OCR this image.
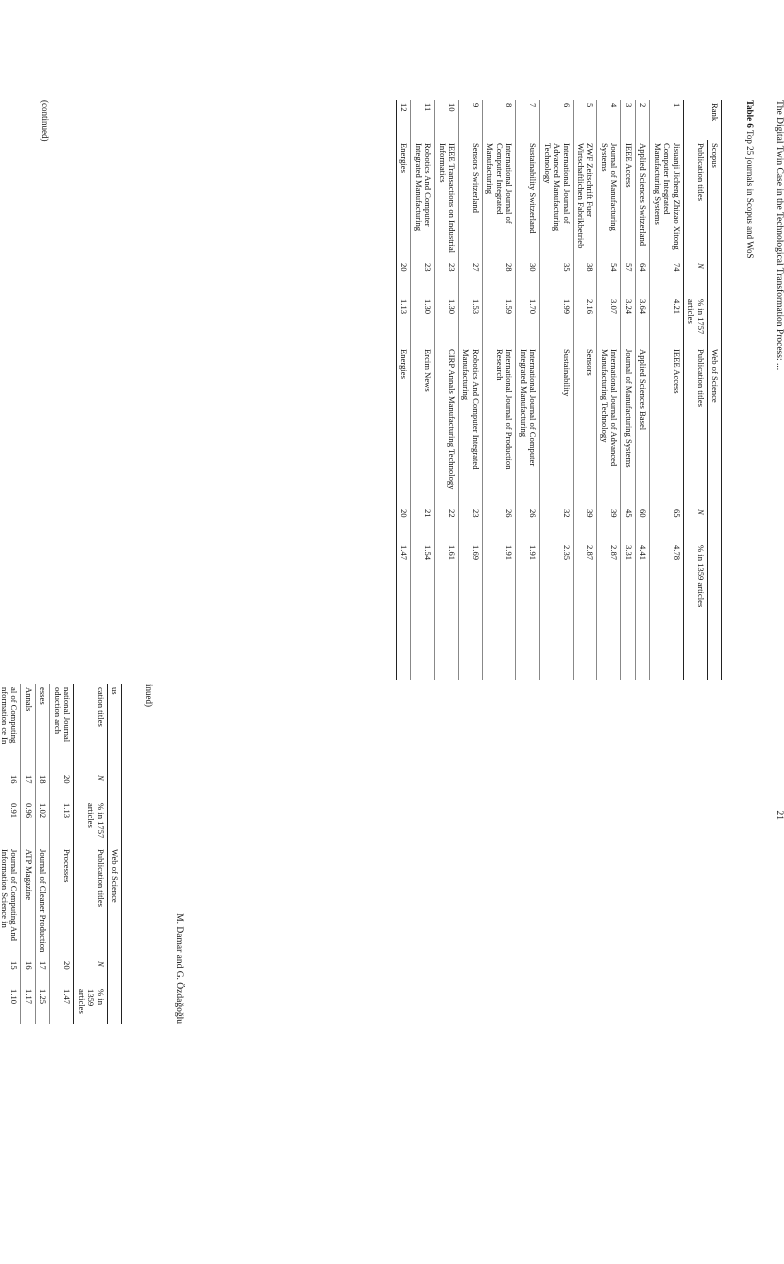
The Digital Twin Case in the Technological Transformation Process: ...
21
Table 6 Top 25 journals in Scopus and WoS
Rank	Scopus			Web of Science		
	Publication titles	N	% in 1757 articles	Publication titles	N	% in 1359 articles
1	Jisuanji Jicheng Zhizao Xitong Computer Integrated Manufacturing Systems	74	4.21	IEEE Access	65	4.78
2	Applied Sciences Switzerland	64	3.64	Applied Sciences Basel	60	4.41
3	IEEE Access	57	3.24	Journal of Manufacturing Systems	45	3.31
4	Journal of Manufacturing Systems	54	3.07	International Journal of Advanced Manufacturing Technology	39	2.87
5	ZWF Zeitschrift Fuer Wirtschaftlichen Fabrikbetrieb	38	2.16	Sensors	39	2.87
6	International Journal of Advanced Manufacturing Technology	35	1.99	Sustainability	32	2.35
7	Sustainability Switzerland	30	1.70	International Journal of Computer Integrated Manufacturing	26	1.91
8	International Journal of Computer Integrated Manufacturing	28	1.59	International Journal of Production Research	26	1.91
9	Sensors Switzerland	27	1.53	Robotics And Computer Integrated Manufacturing	23	1.69
10	IEEE Transactions on Industrial Informatics	23	1.30	CIRP Annals Manufacturing Technology	22	1.61
11	Robotics And Computer Integrated Manufacturing	23	1.30	Ercim News	21	1.54
12	Energies	20	1.13	Energies	20	1.47
(continued)
M. Damar and G. Özdağoğlu
inued)
us			Web of Science		
cation titles	N	% in 1757 articles	Publication titles	N	% in 1359 articles
national Journal oduction arch	20	1.13	Processes	20	1.47
esses	18	1.02	Journal of Cleaner Production	17	1.25
Annals	17	0.96	ATP Magazine	16	1.17
al of Computing nformation ce In	16	0.91	Journal of Computing And Information Science in	15	1.10
